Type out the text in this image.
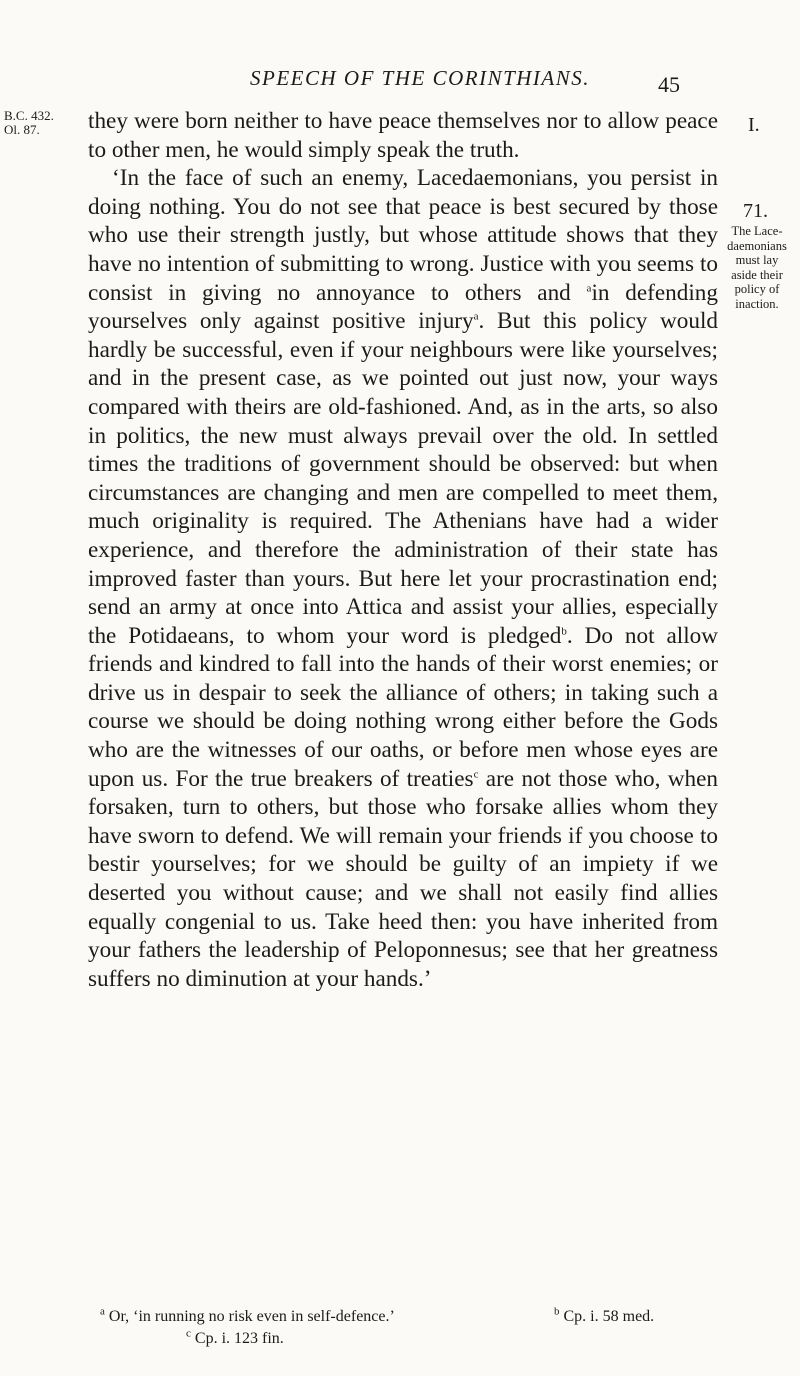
SPEECH OF THE CORINTHIANS.	45
B.C. 432.
Ol. 87.	I.
71.
The Lace-
daemonians
must lay
aside their
policy of
inaction.

they were born neither to have peace themselves nor to allow peace to other men, he would simply speak the truth.

‘In the face of such an enemy, Lacedaemonians, you persist in doing nothing. You do not see that peace is best secured by those who use their strength justly, but whose attitude shows that they have no intention of submitting to wrong. Justice with you seems to consist in giving no annoyance to others and $^a$in defending yourselves only against positive injury$^a$. But this policy would hardly be successful, even if your neighbours were like yourselves; and in the present case, as we pointed out just now, your ways compared with theirs are old-fashioned. And, as in the arts, so also in politics, the new must always prevail over the old. In settled times the traditions of government should be observed: but when circumstances are changing and men are compelled to meet them, much originality is required. The Athenians have had a wider experience, and therefore the administration of their state has improved faster than yours. But here let your procrastination end; send an army at once into Attica and assist your allies, especially the Potidaeans, to whom your word is pledged$^b$. Do not allow friends and kindred to fall into the hands of their worst enemies; or drive us in despair to seek the alliance of others; in taking such a course we should be doing nothing wrong either before the Gods who are the witnesses of our oaths, or before men whose eyes are upon us. For the true breakers of treaties$^c$ are not those who, when forsaken, turn to others, but those who forsake allies whom they have sworn to defend. We will remain your friends if you choose to bestir yourselves; for we should be guilty of an impiety if we deserted you without cause; and we shall not easily find allies equally congenial to us. Take heed then: you have inherited from your fathers the leadership of Peloponnesus; see that her greatness suffers no diminution at your hands.’

$^a$ Or, ‘in running no risk even in self-defence.’	$^b$ Cp. i. 58 med.
$^c$ Cp. i. 123 fin.
